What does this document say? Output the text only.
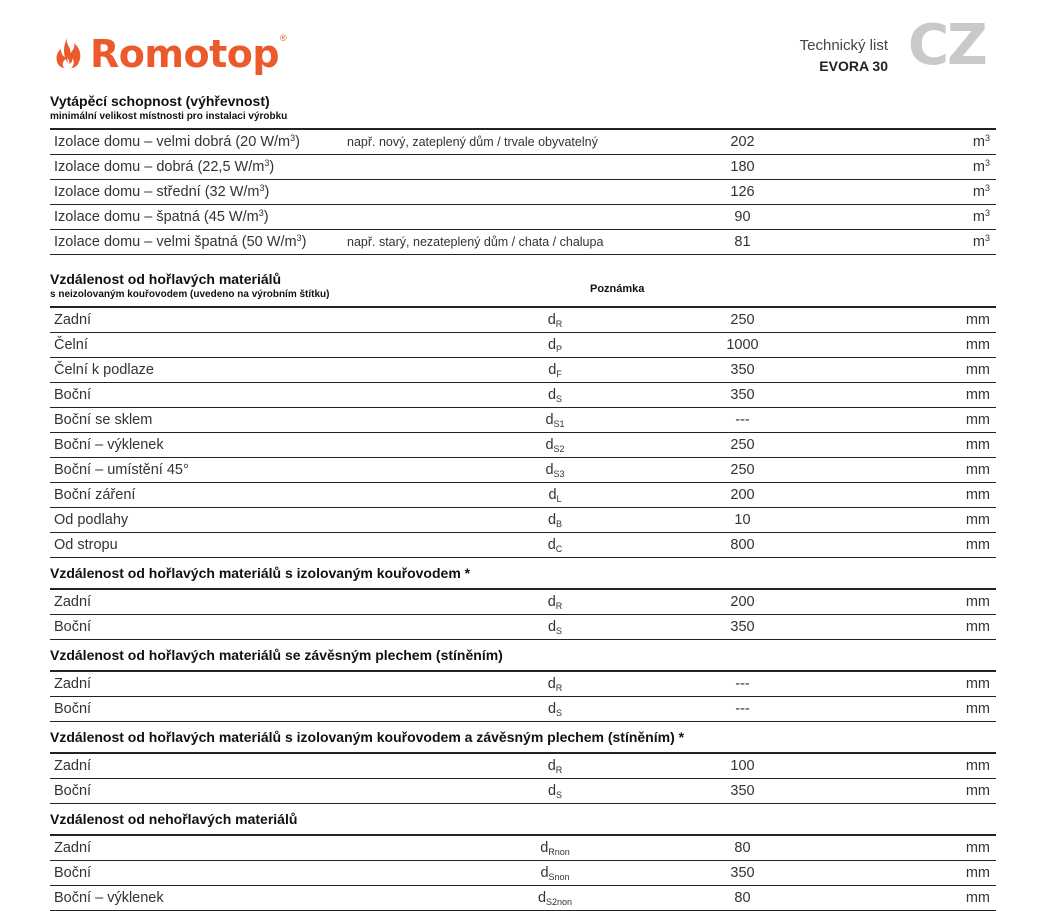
Romotop ®	Technický list
EVORA 30 CZ
Vytápěcí schopnost (výhřevnost)
minimální velikost místnosti pro instalaci výrobku
Izolace domu – velmi dobrá (20 $W/m^3$)	např. nový, zateplený dům / trvale obyvatelný	202	$m^3$
Izolace domu – dobrá (22,5 $W/m^3$)	180	$m^3$
Izolace domu – střední (32 $W/m^3$)	126	$m^3$
Izolace domu – špatná (45 $W/m^3$)	90	$m^3$
Izolace domu – velmi špatná (50 $W/m^3$)	např. starý, nezateplený dům / chata / chalupa	81	$m^3$
Vzdálenost od hořlavých materiálů
s neizolovaným kouřovodem (uvedeno na výrobním štítku)	Poznámka
Zadní	$d_R$	250	mm
Čelní	$d_P$	1000	mm
Čelní k podlaze	$d_F$	350	mm
Boční	$d_S$	350	mm
Boční se sklem	$d_{S1}$	---	mm
Boční – výklenek	$d_{S2}$	250	mm
Boční – umístění 45°	$d_{S3}$	250	mm
Boční záření	$d_L$	200	mm
Od podlahy	$d_B$	10	mm
Od stropu	$d_C$	800	mm
Vzdálenost od hořlavých materiálů s izolovaným kouřovodem *
Zadní	$d_R$	200	mm
Boční	$d_S$	350	mm
Vzdálenost od hořlavých materiálů se závěsným plechem (stíněním)
Zadní	$d_R$	---	mm
Boční	$d_S$	---	mm
Vzdálenost od hořlavých materiálů s izolovaným kouřovodem a závěsným plechem (stíněním) *
Zadní	$d_R$	100	mm
Boční	$d_S$	350	mm
Vzdálenost od nehořlavých materiálů
Zadní	$d_{Rnon}$	80	mm
Boční	$d_{Snon}$	350	mm
Boční – výklenek	$d_{S2non}$	80	mm
